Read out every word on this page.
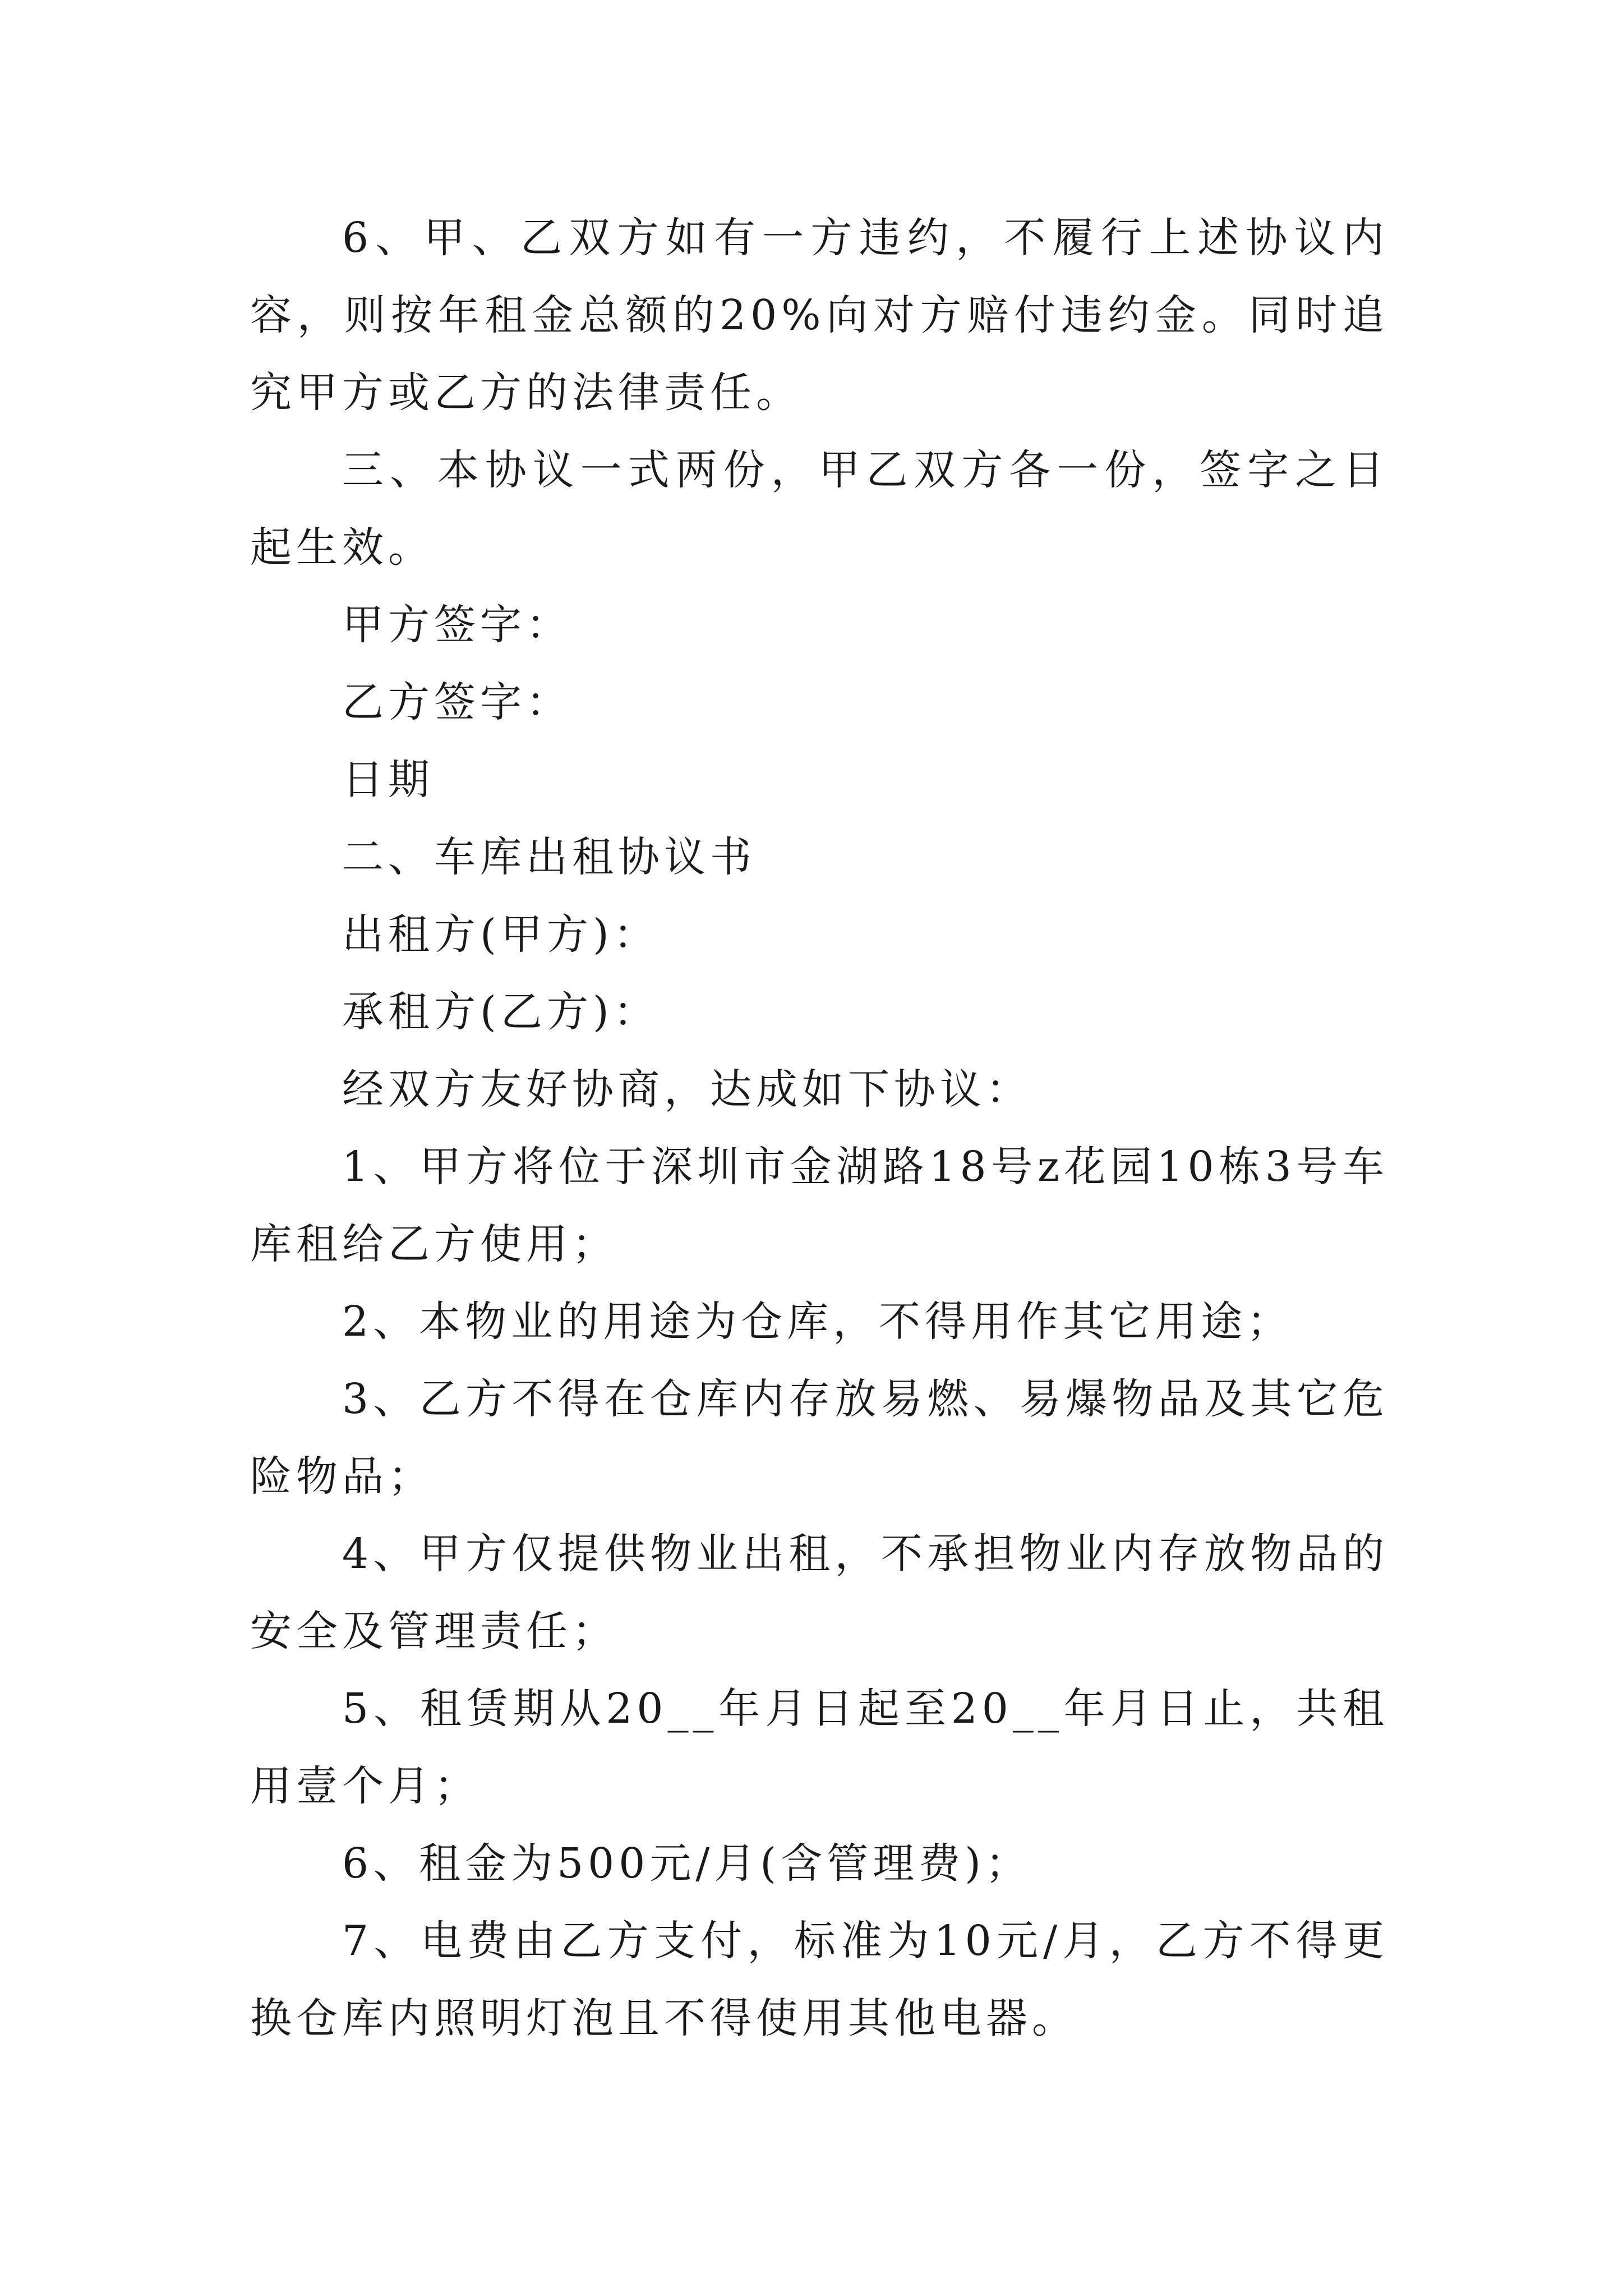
6、甲、乙双方如有一方违约，不履行上述协议内容，则按年租金总额的20%向对方赔付违约金。同时追究甲方或乙方的法律责任。

三、本协议一式两份，甲乙双方各一份，签字之日起生效。

甲方签字：

乙方签字：

日期

二、车库出租协议书

出租方(甲方)：

承租方(乙方)：

经双方友好协商，达成如下协议：

1、甲方将位于深圳市金湖路18号z花园10栋3号车库租给乙方使用；

2、本物业的用途为仓库，不得用作其它用途；

3、乙方不得在仓库内存放易燃、易爆物品及其它危险物品；

4、甲方仅提供物业出租，不承担物业内存放物品的安全及管理责任；

5、租赁期从20__年月日起至20__年月日止，共租用壹个月；

6、租金为500元/月(含管理费)；

7、电费由乙方支付，标准为10元/月，乙方不得更换仓库内照明灯泡且不得使用其他电器。
